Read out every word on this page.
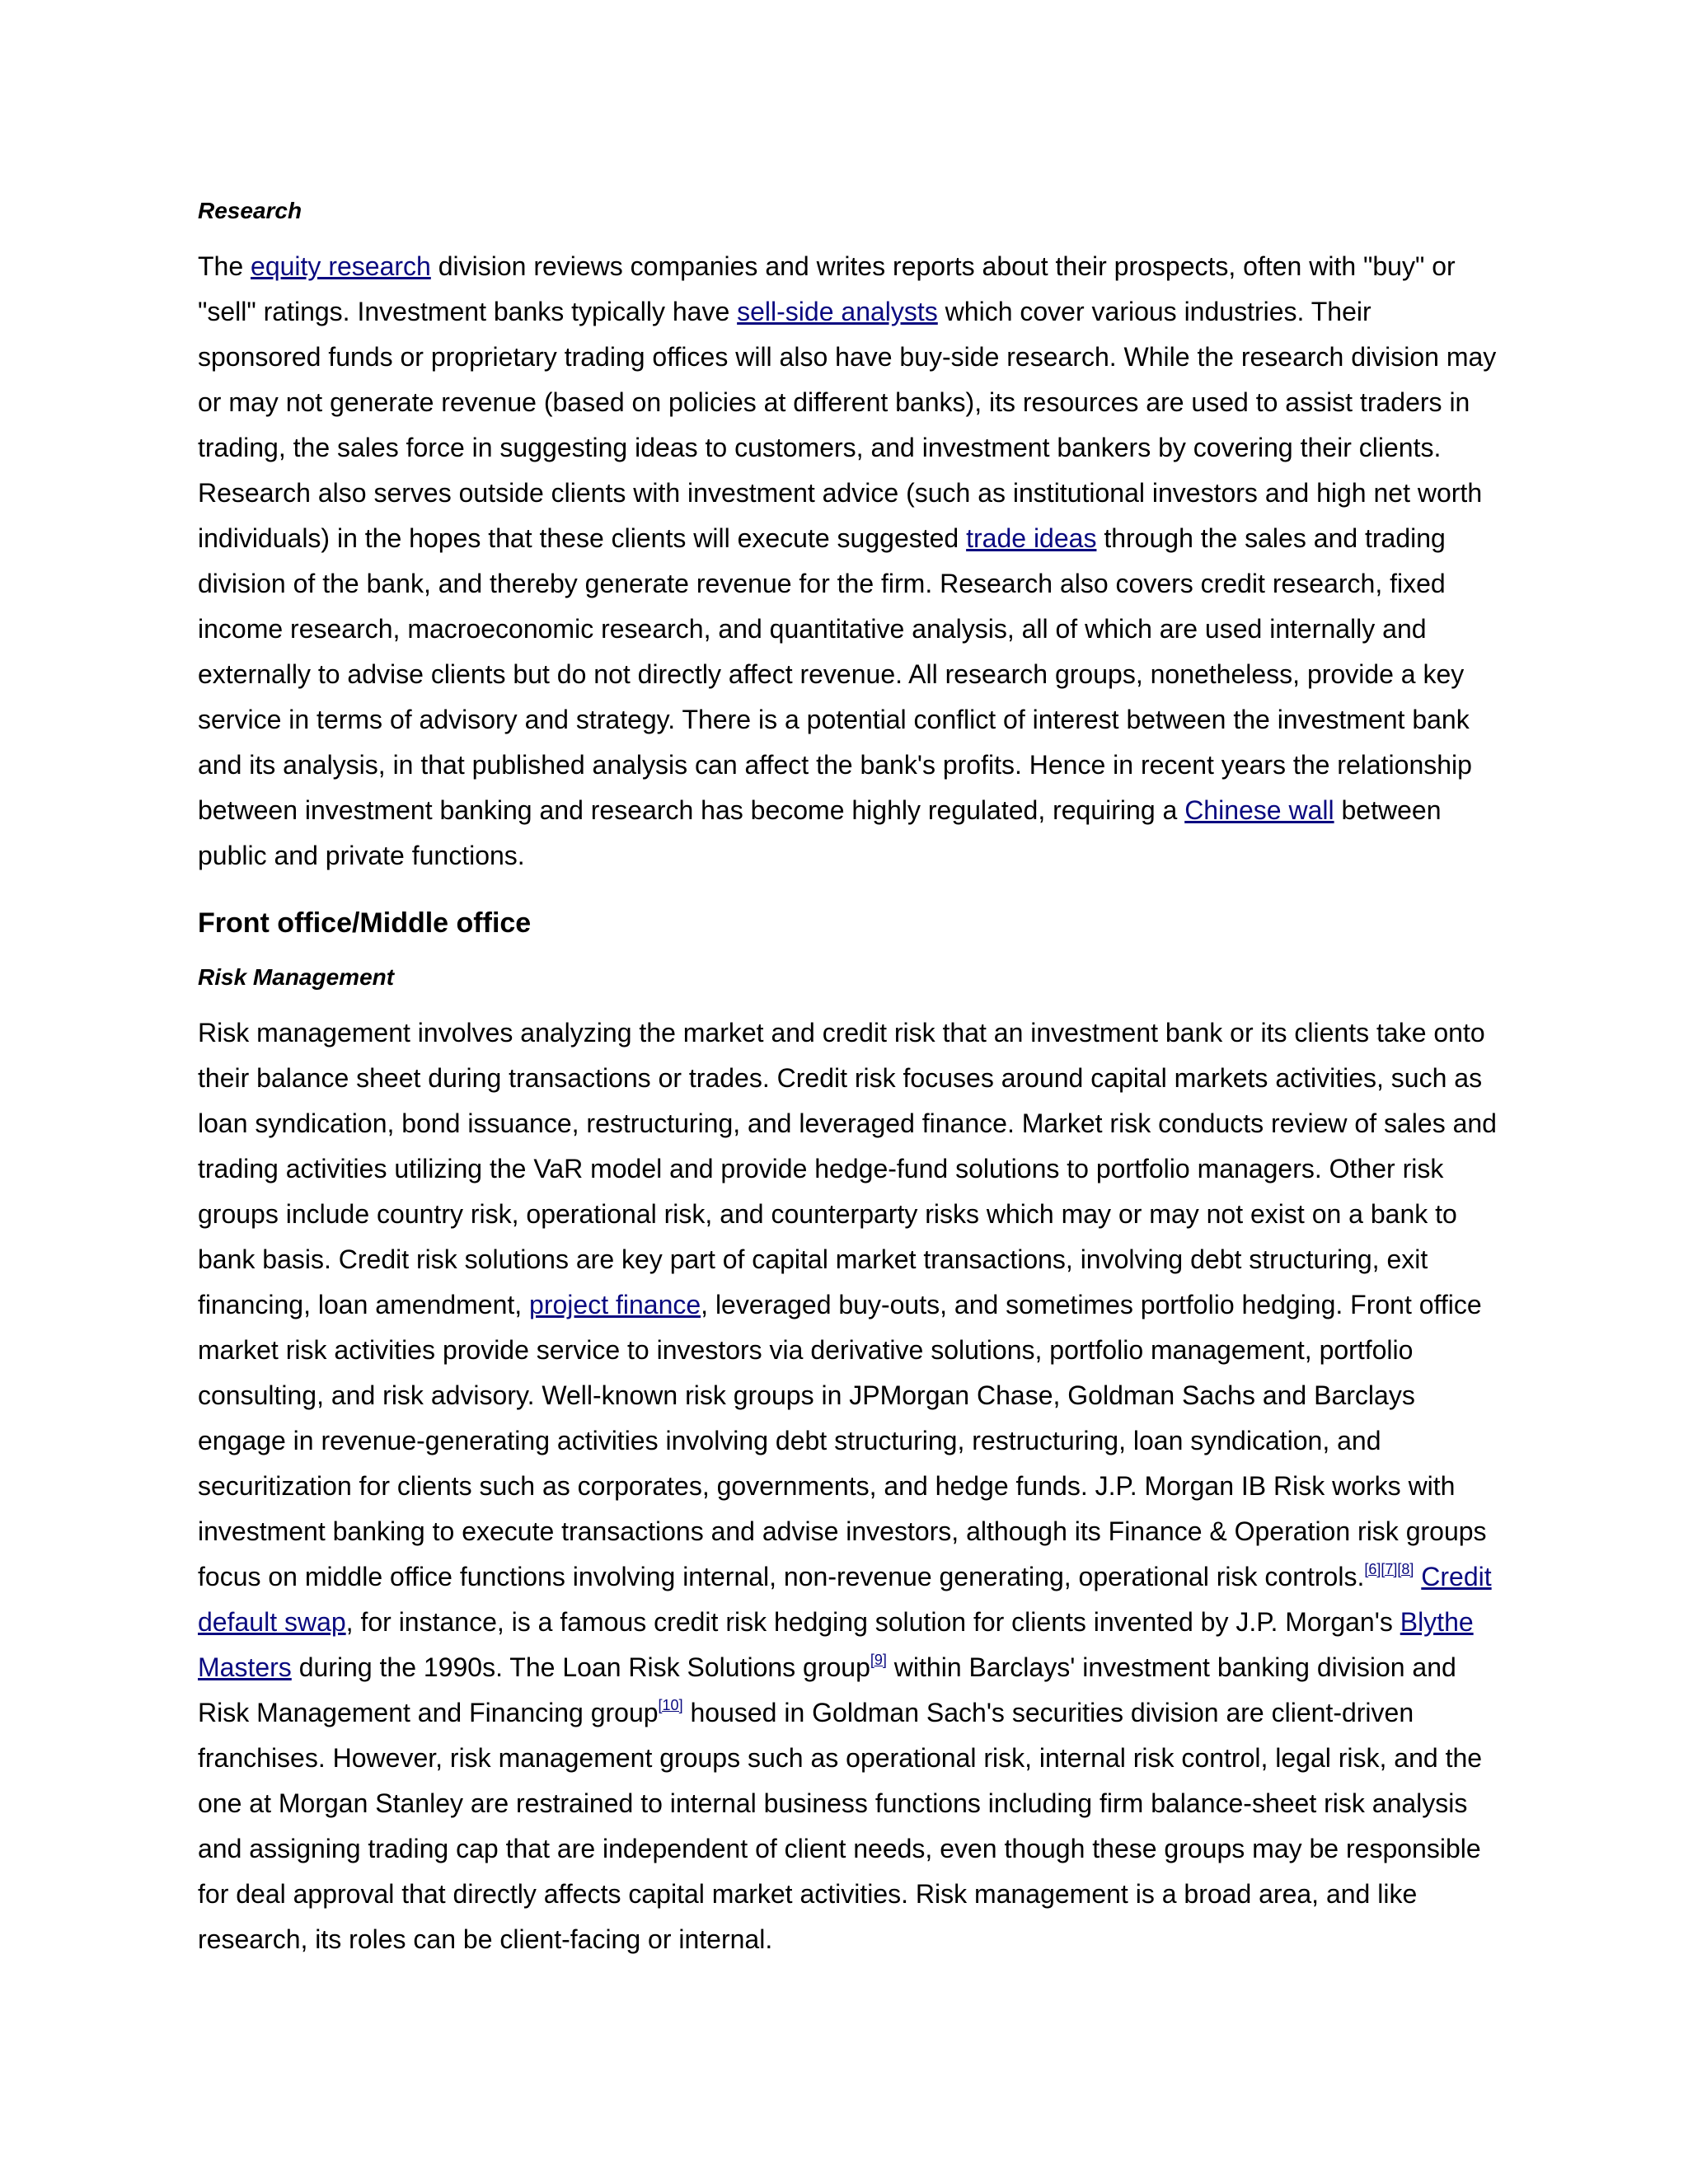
Research

The equity research division reviews companies and writes reports about their prospects, often with "buy" or "sell" ratings. Investment banks typically have sell-side analysts which cover various industries. Their sponsored funds or proprietary trading offices will also have buy-side research. While the research division may or may not generate revenue (based on policies at different banks), its resources are used to assist traders in trading, the sales force in suggesting ideas to customers, and investment bankers by covering their clients. Research also serves outside clients with investment advice (such as institutional investors and high net worth individuals) in the hopes that these clients will execute suggested trade ideas through the sales and trading division of the bank, and thereby generate revenue for the firm. Research also covers credit research, fixed income research, macroeconomic research, and quantitative analysis, all of which are used internally and externally to advise clients but do not directly affect revenue. All research groups, nonetheless, provide a key service in terms of advisory and strategy. There is a potential conflict of interest between the investment bank and its analysis, in that published analysis can affect the bank's profits. Hence in recent years the relationship between investment banking and research has become highly regulated, requiring a Chinese wall between public and private functions.

Front office/Middle office

Risk Management

Risk management involves analyzing the market and credit risk that an investment bank or its clients take onto their balance sheet during transactions or trades. Credit risk focuses around capital markets activities, such as loan syndication, bond issuance, restructuring, and leveraged finance. Market risk conducts review of sales and trading activities utilizing the VaR model and provide hedge-fund solutions to portfolio managers. Other risk groups include country risk, operational risk, and counterparty risks which may or may not exist on a bank to bank basis. Credit risk solutions are key part of capital market transactions, involving debt structuring, exit financing, loan amendment, project finance, leveraged buy-outs, and sometimes portfolio hedging. Front office market risk activities provide service to investors via derivative solutions, portfolio management, portfolio consulting, and risk advisory. Well-known risk groups in JPMorgan Chase, Goldman Sachs and Barclays engage in revenue-generating activities involving debt structuring, restructuring, loan syndication, and securitization for clients such as corporates, governments, and hedge funds. J.P. Morgan IB Risk works with investment banking to execute transactions and advise investors, although its Finance & Operation risk groups focus on middle office functions involving internal, non-revenue generating, operational risk controls.[6][7][8] Credit default swap, for instance, is a famous credit risk hedging solution for clients invented by J.P. Morgan's Blythe Masters during the 1990s. The Loan Risk Solutions group[9] within Barclays' investment banking division and Risk Management and Financing group[10] housed in Goldman Sach's securities division are client-driven franchises. However, risk management groups such as operational risk, internal risk control, legal risk, and the one at Morgan Stanley are restrained to internal business functions including firm balance-sheet risk analysis and assigning trading cap that are independent of client needs, even though these groups may be responsible for deal approval that directly affects capital market activities. Risk management is a broad area, and like research, its roles can be client-facing or internal.
